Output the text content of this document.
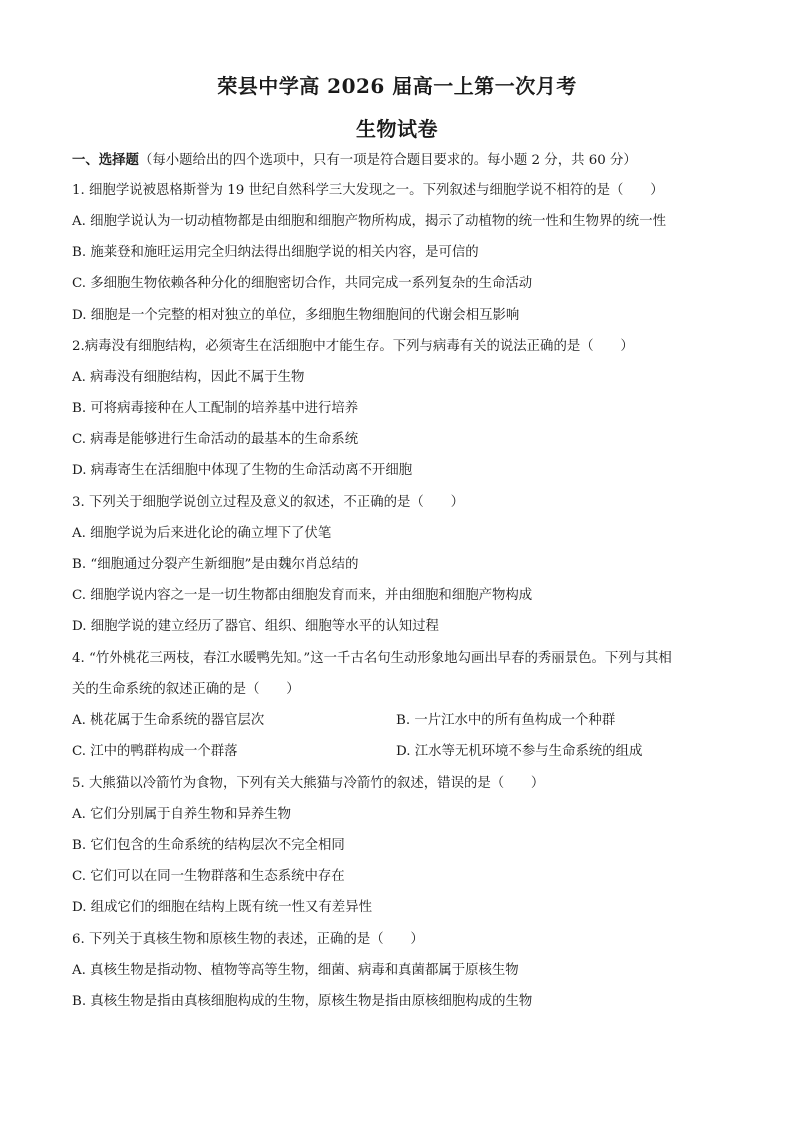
荣县中学高 2026 届高一上第一次月考
生物试卷
一、选择题（每小题给出的四个选项中，只有一项是符合题目要求的。每小题 2 分，共 60 分）
1. 细胞学说被恩格斯誉为 19 世纪自然科学三大发现之一。下列叙述与细胞学说不相符的是（　　）
A. 细胞学说认为一切动植物都是由细胞和细胞产物所构成，揭示了动植物的统一性和生物界的统一性
B. 施莱登和施旺运用完全归纳法得出细胞学说的相关内容，是可信的
C. 多细胞生物依赖各种分化的细胞密切合作，共同完成一系列复杂的生命活动
D. 细胞是一个完整的相对独立的单位，多细胞生物细胞间的代谢会相互影响
2.病毒没有细胞结构，必须寄生在活细胞中才能生存。下列与病毒有关的说法正确的是（　　）
A. 病毒没有细胞结构，因此不属于生物
B. 可将病毒接种在人工配制的培养基中进行培养
C. 病毒是能够进行生命活动的最基本的生命系统
D. 病毒寄生在活细胞中体现了生物的生命活动离不开细胞
3. 下列关于细胞学说创立过程及意义的叙述，不正确的是（　　）
A. 细胞学说为后来进化论的确立埋下了伏笔
B. “细胞通过分裂产生新细胞”是由魏尔肖总结的
C. 细胞学说内容之一是一切生物都由细胞发育而来，并由细胞和细胞产物构成
D. 细胞学说的建立经历了器官、组织、细胞等水平的认知过程
4. “竹外桃花三两枝，春江水暖鸭先知。”这一千古名句生动形象地勾画出早春的秀丽景色。下列与其相
关的生命系统的叙述正确的是（　　）
A. 桃花属于生命系统的器官层次	B. 一片江水中的所有鱼构成一个种群
C. 江中的鸭群构成一个群落	D. 江水等无机环境不参与生命系统的组成
5. 大熊猫以冷箭竹为食物，下列有关大熊猫与冷箭竹的叙述，错误的是（　　）
A. 它们分别属于自养生物和异养生物
B. 它们包含的生命系统的结构层次不完全相同
C. 它们可以在同一生物群落和生态系统中存在
D. 组成它们的细胞在结构上既有统一性又有差异性
6. 下列关于真核生物和原核生物的表述，正确的是（　　）
A. 真核生物是指动物、植物等高等生物，细菌、病毒和真菌都属于原核生物
B. 真核生物是指由真核细胞构成的生物，原核生物是指由原核细胞构成的生物
